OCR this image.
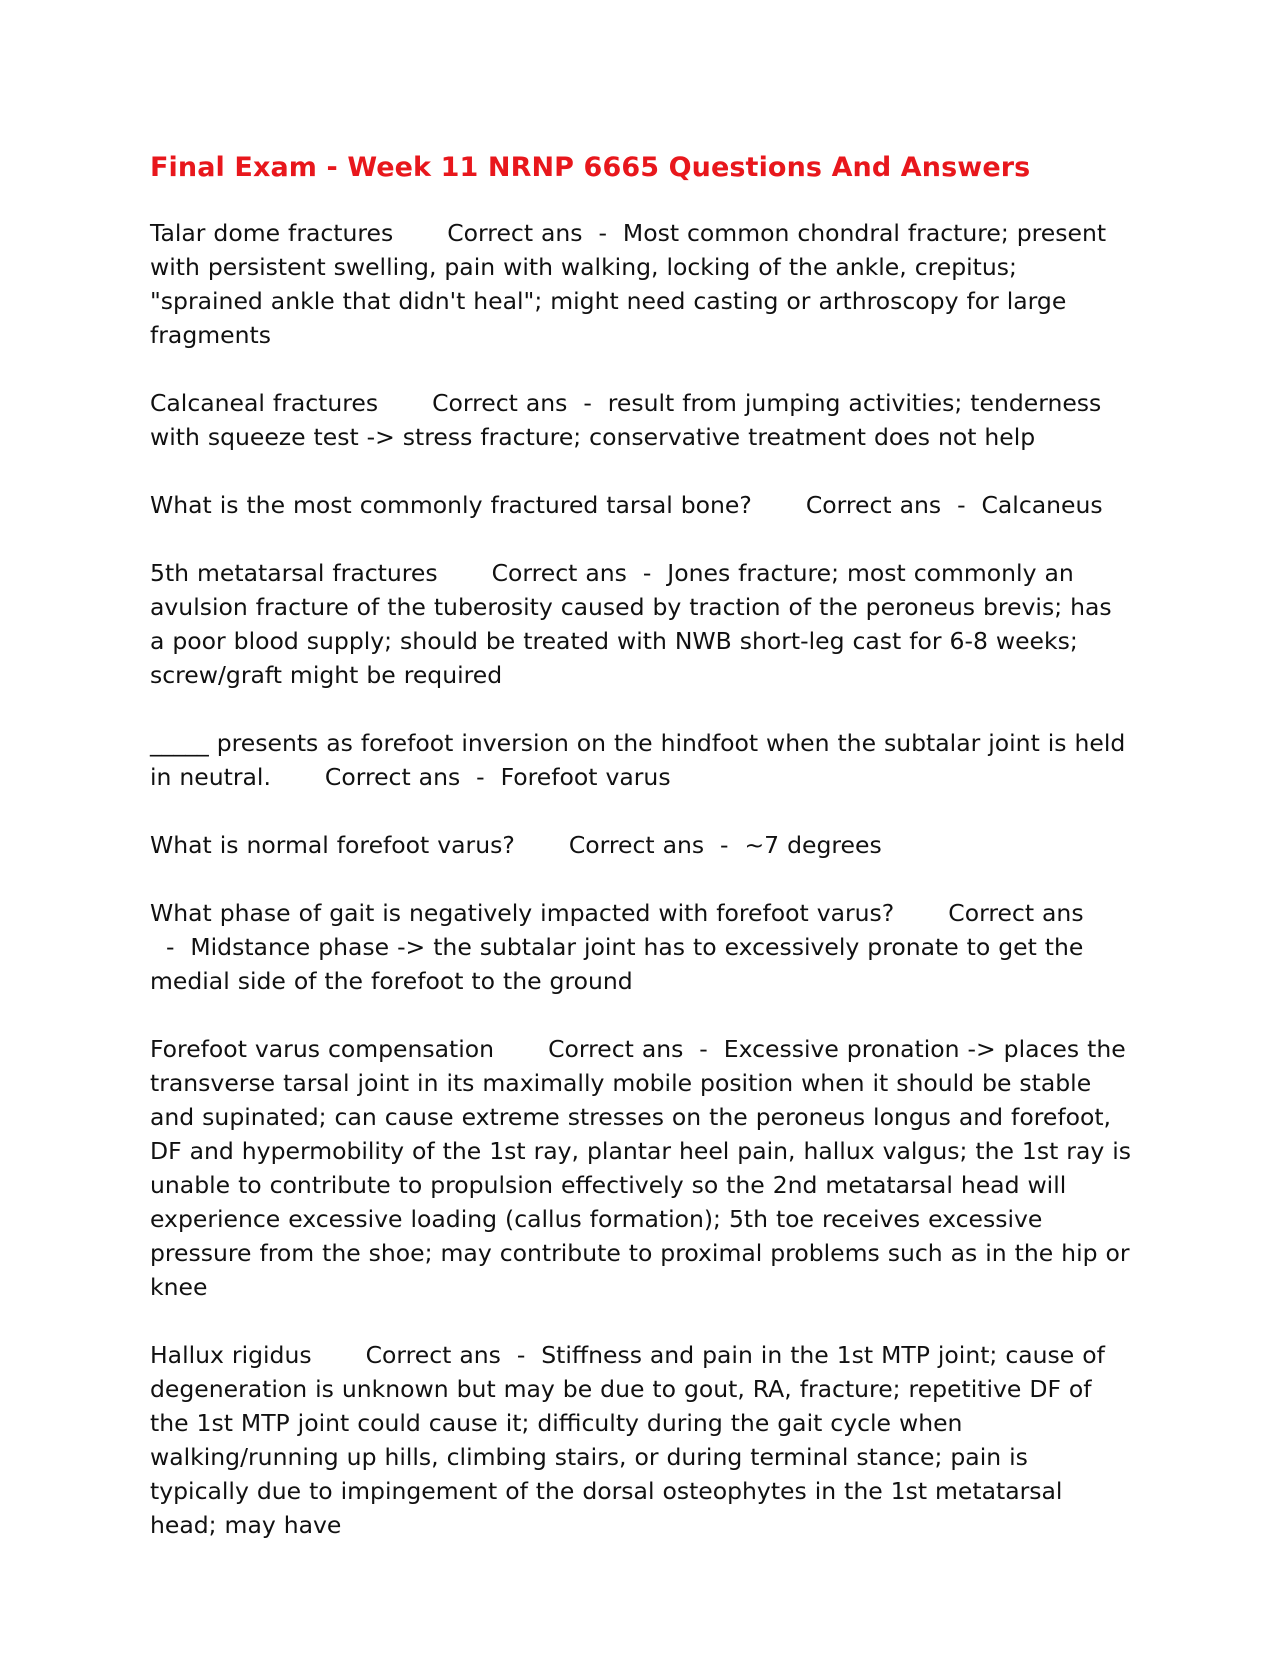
Final Exam - Week 11 NRNP 6665 Questions And Answers

Talar dome fractures Correct ans  -  Most common chondral fracture; present with persistent swelling, pain with walking, locking of the ankle, crepitus; "sprained ankle that didn't heal"; might need casting or arthroscopy for large fragments

Calcaneal fractures Correct ans  -  result from jumping activities; tenderness with squeeze test -> stress fracture; conservative treatment does not help

What is the most commonly fractured tarsal bone? Correct ans  -  Calcaneus

5th metatarsal fractures Correct ans  -  Jones fracture; most commonly an avulsion fracture of the tuberosity caused by traction of the peroneus brevis; has a poor blood supply; should be treated with NWB short-leg cast for 6-8 weeks; screw/graft might be required

_____ presents as forefoot inversion on the hindfoot when the subtalar joint is held in neutral. Correct ans  -  Forefoot varus

What is normal forefoot varus? Correct ans  -  ~7 degrees

What phase of gait is negatively impacted with forefoot varus? Correct ans  -  Midstance phase -> the subtalar joint has to excessively pronate to get the medial side of the forefoot to the ground

Forefoot varus compensation Correct ans  -  Excessive pronation -> places the transverse tarsal joint in its maximally mobile position when it should be stable and supinated; can cause extreme stresses on the peroneus longus and forefoot, DF and hypermobility of the 1st ray, plantar heel pain, hallux valgus; the 1st ray is unable to contribute to propulsion effectively so the 2nd metatarsal head will experience excessive loading (callus formation); 5th toe receives excessive pressure from the shoe; may contribute to proximal problems such as in the hip or knee

Hallux rigidus Correct ans  -  Stiffness and pain in the 1st MTP joint; cause of degeneration is unknown but may be due to gout, RA, fracture; repetitive DF of the 1st MTP joint could cause it; difficulty during the gait cycle when walking/running up hills, climbing stairs, or during terminal stance; pain is typically due to impingement of the dorsal osteophytes in the 1st metatarsal head; may have
